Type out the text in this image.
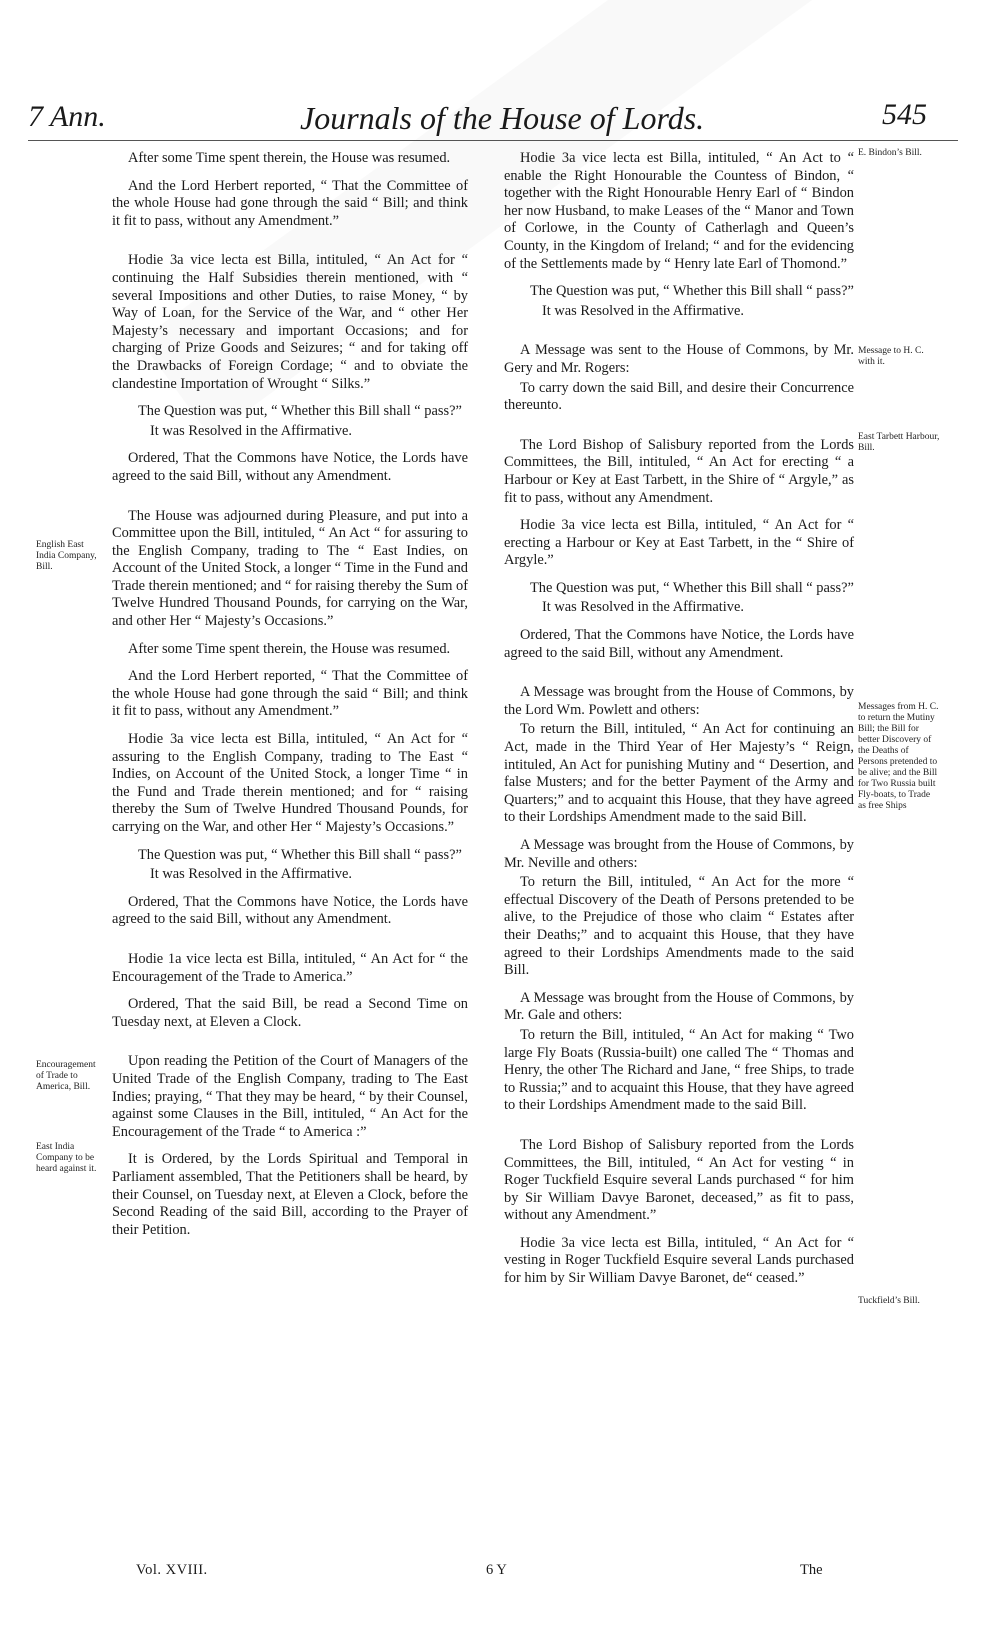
7 Ann.	Journals of the House of Lords.	545

After some Time spent therein, the House was resumed.

And the Lord Herbert reported, “ That the Committee of the whole House had gone through the said “ Bill; and think it fit to pass, without any Amendment.”

Hodie 3a vice lecta est Billa, intituled, “ An Act for “ continuing the Half Subsidies therein mentioned, with “ several Impositions and other Duties, to raise Money, “ by Way of Loan, for the Service of the War, and “ other Her Majesty’s necessary and important Occasions; and for charging of Prize Goods and Seizures; “ and for taking off the Drawbacks of Foreign Cordage; “ and to obviate the clandestine Importation of Wrought “ Silks.”

The Question was put, “ Whether this Bill shall “ pass?”

It was Resolved in the Affirmative.

Ordered, That the Commons have Notice, the Lords have agreed to the said Bill, without any Amendment.

The House was adjourned during Pleasure, and put into a Committee upon the Bill, intituled, “ An Act “ for assuring to the English Company, trading to The “ East Indies, on Account of the United Stock, a longer “ Time in the Fund and Trade therein mentioned; and “ for raising thereby the Sum of Twelve Hundred Thousand Pounds, for carrying on the War, and other Her “ Majesty’s Occasions.”

After some Time spent therein, the House was resumed.

And the Lord Herbert reported, “ That the Committee of the whole House had gone through the said “ Bill; and think it fit to pass, without any Amendment.”

Hodie 3a vice lecta est Billa, intituled, “ An Act for “ assuring to the English Company, trading to The East “ Indies, on Account of the United Stock, a longer Time “ in the Fund and Trade therein mentioned; and for “ raising thereby the Sum of Twelve Hundred Thousand Pounds, for carrying on the War, and other Her “ Majesty’s Occasions.”

The Question was put, “ Whether this Bill shall “ pass?”

It was Resolved in the Affirmative.

Ordered, That the Commons have Notice, the Lords have agreed to the said Bill, without any Amendment.

Hodie 1a vice lecta est Billa, intituled, “ An Act for “ the Encouragement of the Trade to America.”

Ordered, That the said Bill, be read a Second Time on Tuesday next, at Eleven a Clock.

Upon reading the Petition of the Court of Managers of the United Trade of the English Company, trading to The East Indies; praying, “ That they may be heard, “ by their Counsel, against some Clauses in the Bill, intituled, “ An Act for the Encouragement of the Trade “ to America :”

It is Ordered, by the Lords Spiritual and Temporal in Parliament assembled, That the Petitioners shall be heard, by their Counsel, on Tuesday next, at Eleven a Clock, before the Second Reading of the said Bill, according to the Prayer of their Petition.

Hodie 3a vice lecta est Billa, intituled, “ An Act to “ enable the Right Honourable the Countess of Bindon, “ together with the Right Honourable Henry Earl of “ Bindon her now Husband, to make Leases of the “ Manor and Town of Corlowe, in the County of Catherlagh and Queen’s County, in the Kingdom of Ireland; “ and for the evidencing of the Settlements made by “ Henry late Earl of Thomond.”

The Question was put, “ Whether this Bill shall “ pass?”

It was Resolved in the Affirmative.

A Message was sent to the House of Commons, by Mr. Gery and Mr. Rogers:

To carry down the said Bill, and desire their Concurrence thereunto.

The Lord Bishop of Salisbury reported from the Lords Committees, the Bill, intituled, “ An Act for erecting “ a Harbour or Key at East Tarbett, in the Shire of “ Argyle,” as fit to pass, without any Amendment.

Hodie 3a vice lecta est Billa, intituled, “ An Act for “ erecting a Harbour or Key at East Tarbett, in the “ Shire of Argyle.”

The Question was put, “ Whether this Bill shall “ pass?”

It was Resolved in the Affirmative.

Ordered, That the Commons have Notice, the Lords have agreed to the said Bill, without any Amendment.

A Message was brought from the House of Commons, by the Lord Wm. Powlett and others:

To return the Bill, intituled, “ An Act for continuing an Act, made in the Third Year of Her Majesty’s “ Reign, intituled, An Act for punishing Mutiny and “ Desertion, and false Musters; and for the better Payment of the Army and Quarters;” and to acquaint this House, that they have agreed to their Lordships Amendment made to the said Bill.

A Message was brought from the House of Commons, by Mr. Neville and others:

To return the Bill, intituled, “ An Act for the more “ effectual Discovery of the Death of Persons pretended to be alive, to the Prejudice of those who claim “ Estates after their Deaths;” and to acquaint this House, that they have agreed to their Lordships Amendments made to the said Bill.

A Message was brought from the House of Commons, by Mr. Gale and others:

To return the Bill, intituled, “ An Act for making “ Two large Fly Boats (Russia-built) one called The “ Thomas and Henry, the other The Richard and Jane, “ free Ships, to trade to Russia;” and to acquaint this House, that they have agreed to their Lordships Amendment made to the said Bill.

The Lord Bishop of Salisbury reported from the Lords Committees, the Bill, intituled, “ An Act for vesting “ in Roger Tuckfield Esquire several Lands purchased “ for him by Sir William Davye Baronet, deceased,” as fit to pass, without any Amendment.”

Hodie 3a vice lecta est Billa, intituled, “ An Act for “ vesting in Roger Tuckfield Esquire several Lands purchased for him by Sir William Davye Baronet, de“ ceased.”

English East India Company, Bill.
Encouragement of Trade to America, Bill.
East India Company to be heard against it.
E. Bindon’s Bill.
Message to H. C. with it.
East Tarbett Harbour, Bill.
Messages from H. C. to return the Mutiny Bill; the Bill for better Discovery of the Deaths of Persons pretended to be alive; and the Bill for Two Russia built Fly-boats, to Trade as free Ships
Tuckfield’s Bill.
Vol. XVIII.	6 Y	The
